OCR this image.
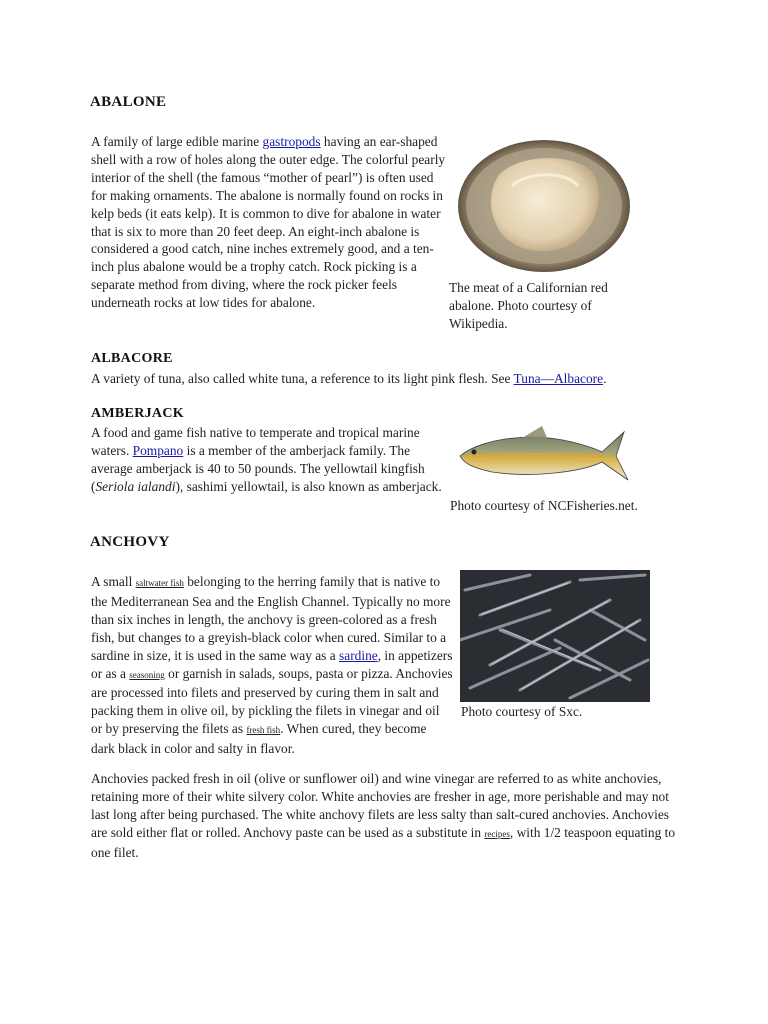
ABALONE

A family of large edible marine gastropods having an ear-shaped shell with a row of holes along the outer edge. The colorful pearly interior of the shell (the famous “mother of pearl”) is often used for making ornaments. The abalone is normally found on rocks in kelp beds (it eats kelp). It is common to dive for abalone in water that is six to more than 20 feet deep. An eight-inch abalone is considered a good catch, nine inches extremely good, and a ten-inch plus abalone would be a trophy catch. Rock picking is a separate method from diving, where the rock picker feels underneath rocks at low tides for abalone.

The meat of a Californian red abalone. Photo courtesy of Wikipedia.

ALBACORE

A variety of tuna, also called white tuna, a reference to its light pink flesh. See Tuna—Albacore.

AMBERJACK

A food and game fish native to temperate and tropical marine waters. Pompano is a member of the amberjack family. The average amberjack is 40 to 50 pounds. The yellowtail kingfish (Seriola ialandi), sashimi yellowtail, is also known as amberjack.

Photo courtesy of NCFisheries.net.

ANCHOVY

A small saltwater fish belonging to the herring family that is native to the Mediterranean Sea and the English Channel. Typically no more than six inches in length, the anchovy is green-colored as a fresh fish, but changes to a greyish-black color when cured. Similar to a sardine in size, it is used in the same way as a sardine, in appetizers or as a seasoning or garnish in salads, soups, pasta or pizza. Anchovies are processed into filets and preserved by curing them in salt and packing them in olive oil, by pickling the filets in vinegar and oil or by preserving the filets as fresh fish. When cured, they become dark black in color and salty in flavor.

Photo courtesy of Sxc.

Anchovies packed fresh in oil (olive or sunflower oil) and wine vinegar are referred to as white anchovies, retaining more of their white silvery color. White anchovies are fresher in age, more perishable and may not last long after being purchased. The white anchovy filets are less salty than salt-cured anchovies. Anchovies are sold either flat or rolled. Anchovy paste can be used as a substitute in recipes, with 1/2 teaspoon equating to one filet.
